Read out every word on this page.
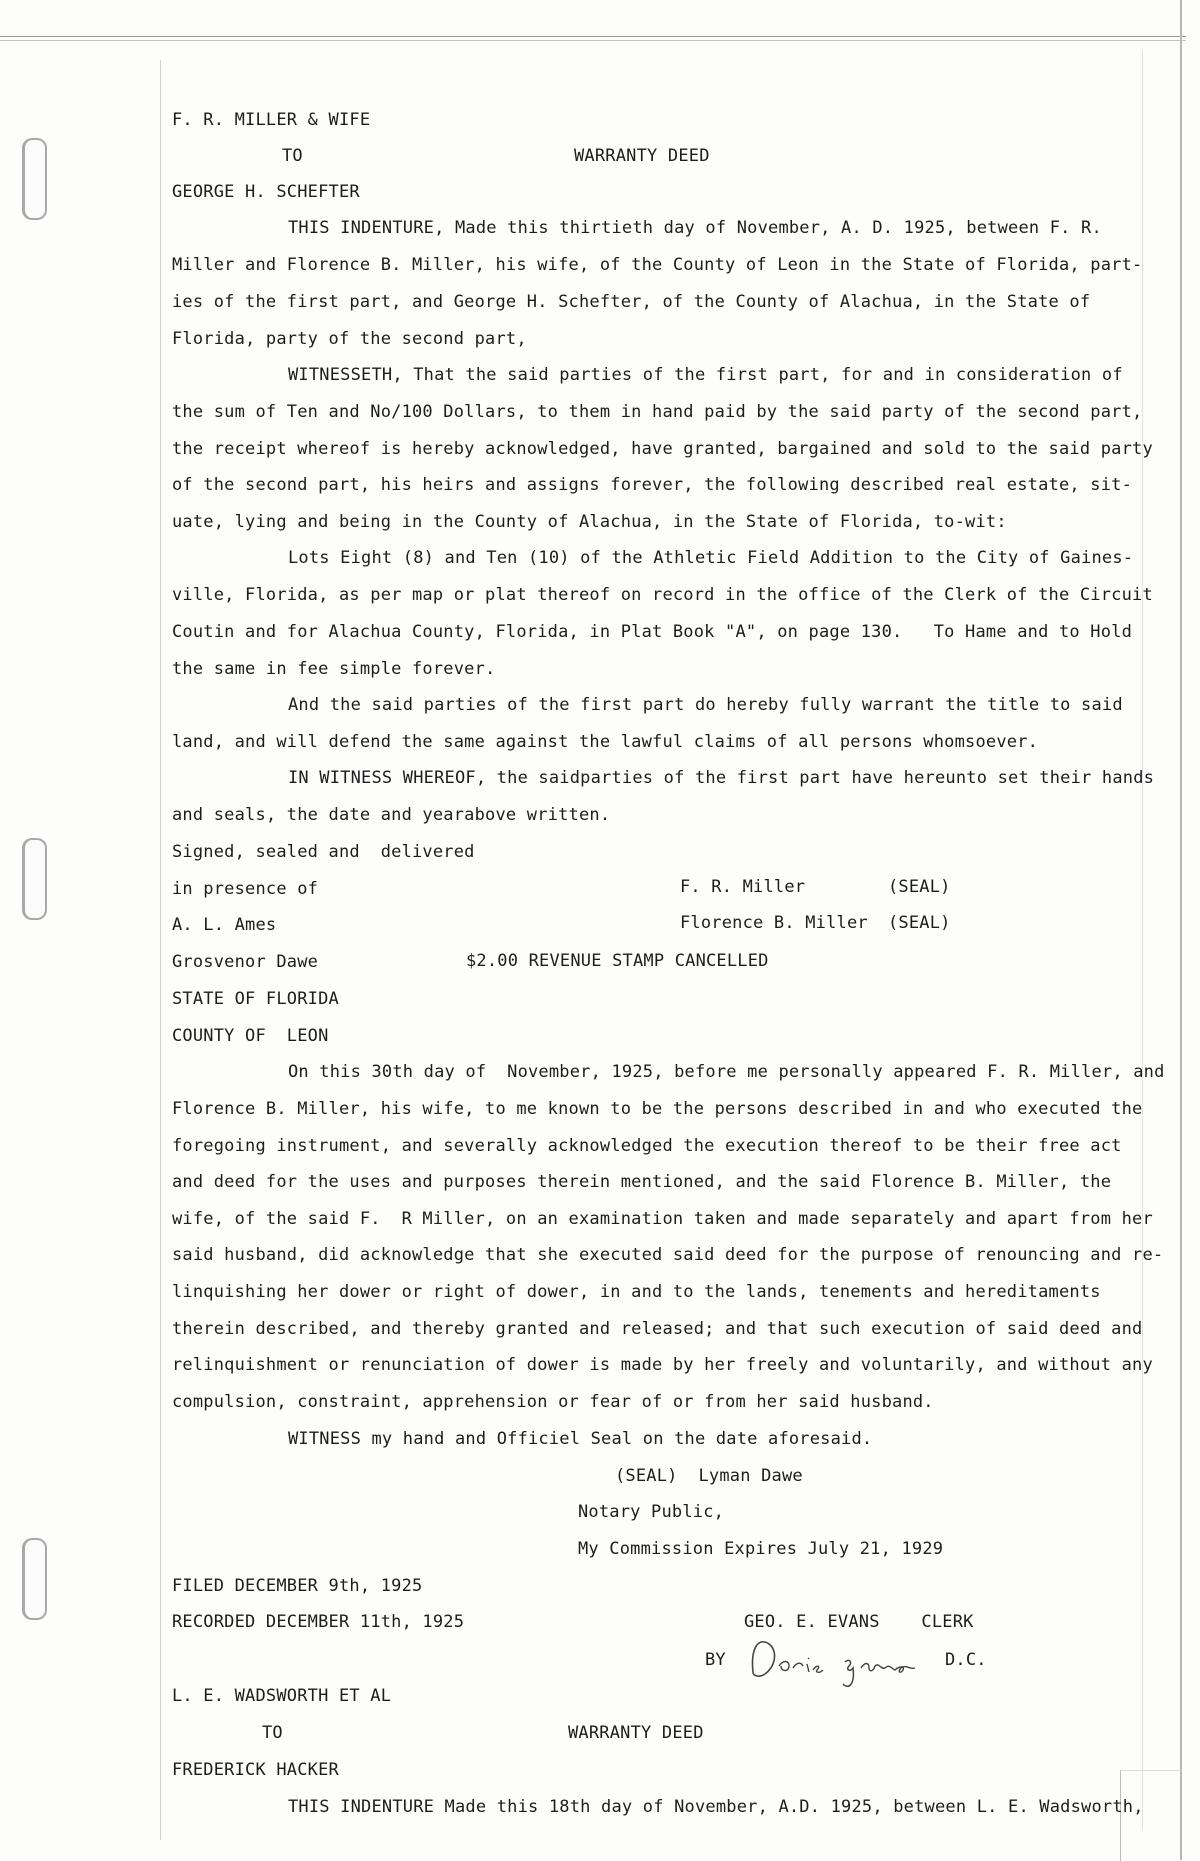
F. R. MILLER & WIFE
TO	WARRANTY DEED
GEORGE H. SCHEFTER
THIS INDENTURE, Made this thirtieth day of November, A. D. 1925, between F. R.
Miller and Florence B. Miller, his wife, of the County of Leon in the State of Florida, part-
ies of the first part, and George H. Schefter, of the County of Alachua, in the State of
Florida, party of the second part,
WITNESSETH, That the said parties of the first part, for and in consideration of
the sum of Ten and No/100 Dollars, to them in hand paid by the said party of the second part,
the receipt whereof is hereby acknowledged, have granted, bargained and sold to the said party
of the second part, his heirs and assigns forever, the following described real estate, sit-
uate, lying and being in the County of Alachua, in the State of Florida, to-wit:
Lots Eight (8) and Ten (10) of the Athletic Field Addition to the City of Gaines-
ville, Florida, as per map or plat thereof on record in the office of the Clerk of the Circuit
Coutin and for Alachua County, Florida, in Plat Book "A", on page 130.   To Hame and to Hold
the same in fee simple forever.
And the said parties of the first part do hereby fully warrant the title to said
land, and will defend the same against the lawful claims of all persons whomsoever.
IN WITNESS WHEREOF, the saidparties of the first part have hereunto set their hands
and seals, the date and yearabove written.
Signed, sealed and  delivered
in presence of	F. R. Miller	(SEAL)
Florence B. Miller (SEAL)
A. L. Ames
Grosvenor Dawe	$2.00 REVENUE STAMP CANCELLED
STATE OF FLORIDA
COUNTY OF  LEON
On this 30th day of  November, 1925, before me personally appeared F. R. Miller, and
Florence B. Miller, his wife, to me known to be the persons described in and who executed the
foregoing instrument, and severally acknowledged the execution thereof to be their free act
and deed for the uses and purposes therein mentioned, and the said Florence B. Miller, the
wife, of the said F.  R Miller, on an examination taken and made separately and apart from her
said husband, did acknowledge that she executed said deed for the purpose of renouncing and re-
linquishing her dower or right of dower, in and to the lands, tenements and hereditaments
therein described, and thereby granted and released; and that such execution of said deed and
relinquishment or renunciation of dower is made by her freely and voluntarily, and without any
compulsion, constraint, apprehension or fear of or from her said husband.
WITNESS my hand and Officiel Seal on the date aforesaid.
(SEAL)  Lyman Dawe
Notary Public,
My Commission Expires July 21, 1929
FILED DECEMBER 9th, 1925
RECORDED DECEMBER 11th, 1925	GEO. E. EVANS    CLERK
BY	D.C.
L. E. WADSWORTH ET AL
TO	WARRANTY DEED
FREDERICK HACKER
THIS INDENTURE Made this 18th day of November, A.D. 1925, between L. E. Wadsworth,
